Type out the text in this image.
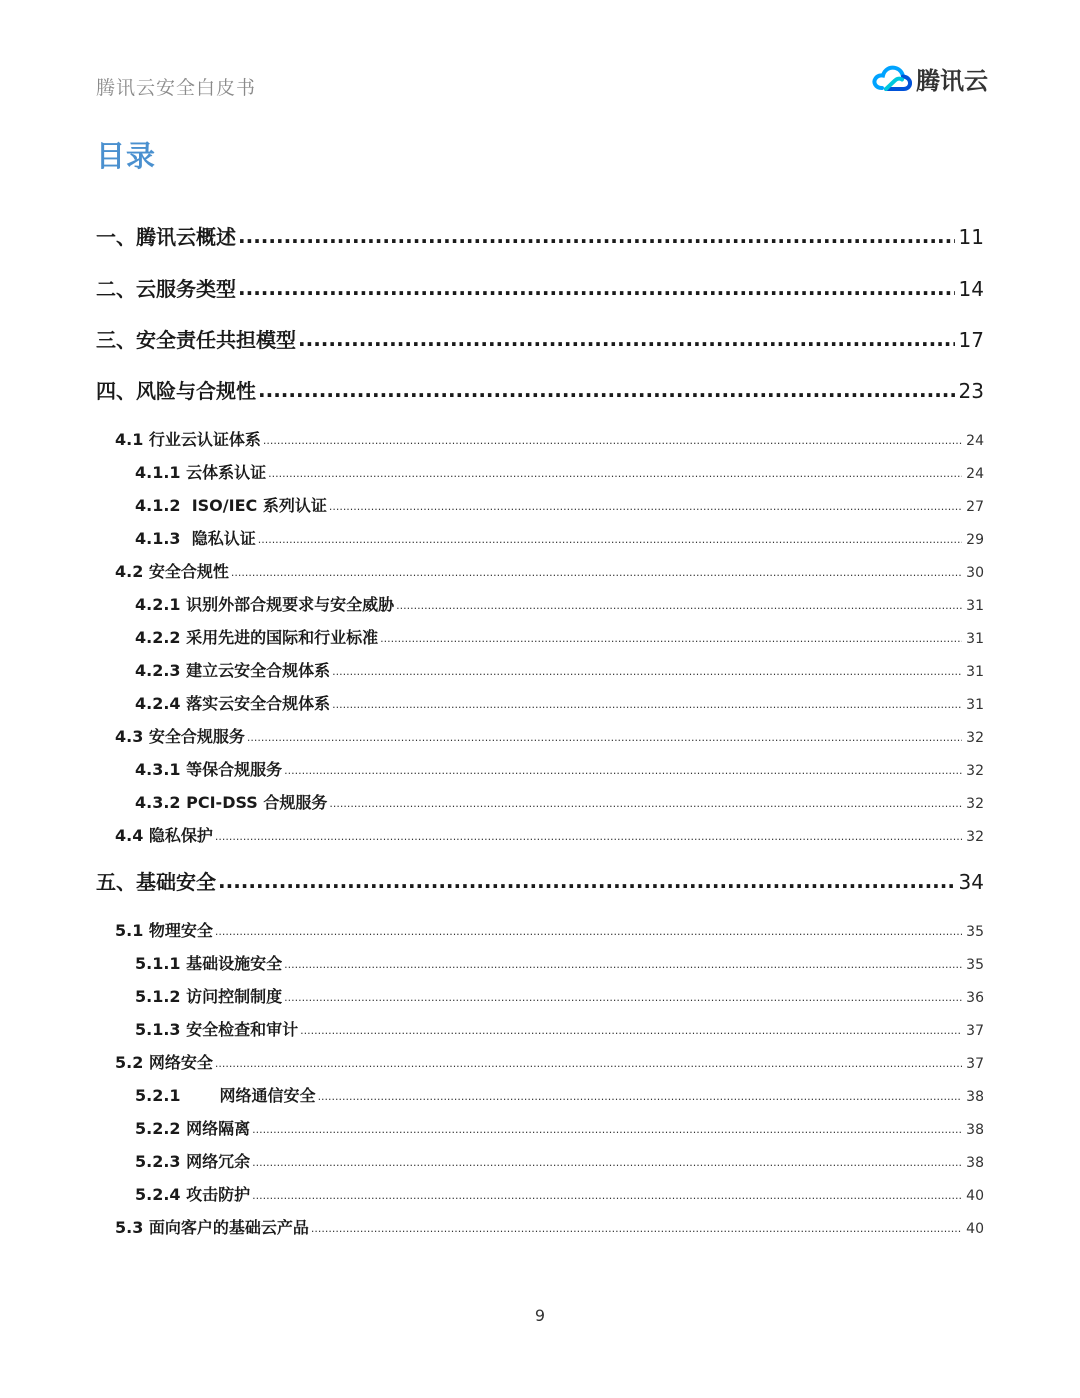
腾讯云安全白皮书	腾讯云
目录
一、腾讯云概述 .....	11
二、云服务类型 .....	14
三、安全责任共担模型 .....	17
四、风险与合规性 .....	23
4.1 行业云认证体系 .....	24
4.1.1 云体系认证 .....	24
4.1.2  ISO/IEC 系列认证 .....	27
4.1.3  隐私认证 .....	29
4.2 安全合规性 .....	30
4.2.1 识别外部合规要求与安全威胁 .....	31
4.2.2 采用先进的国际和行业标准 .....	31
4.2.3 建立云安全合规体系 .....	31
4.2.4 落实云安全合规体系 .....	31
4.3 安全合规服务 .....	32
4.3.1 等保合规服务 .....	32
4.3.2 PCI-DSS 合规服务 .....	32
4.4 隐私保护 .....	32
五、基础安全 .....	34
5.1 物理安全 .....	35
5.1.1 基础设施安全 .....	35
5.1.2 访问控制制度 .....	36
5.1.3 安全检查和审计 .....	37
5.2 网络安全 .....	37
5.2.1       网络通信安全 .....	38
5.2.2 网络隔离 .....	38
5.2.3 网络冗余 .....	38
5.2.4 攻击防护 .....	40
5.3 面向客户的基础云产品 .....	40
9
